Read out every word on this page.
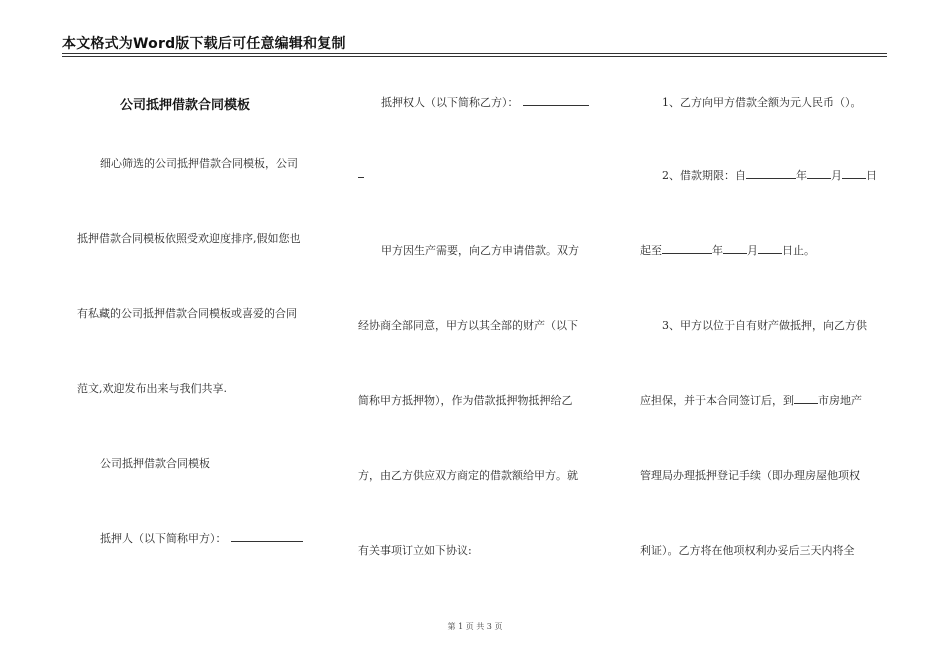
本文格式为Word版下载后可任意编辑和复制
公司抵押借款合同模板
细心筛选的公司抵押借款合同模板，公司
抵押借款合同模板依照受欢迎度排序,假如您也
有私藏的公司抵押借款合同模板或喜爱的合同
范文,欢迎发布出来与我们共享.
公司抵押借款合同模板
抵押人（以下简称甲方）：
抵押权人（以下简称乙方）：
甲方因生产需要，向乙方申请借款。双方
经协商全部同意，甲方以其全部的财产（以下
简称甲方抵押物），作为借款抵押物抵押给乙
方，由乙方供应双方商定的借款额给甲方。就
有关事项订立如下协议:
1、乙方向甲方借款全额为元人民币（）。
2、借款期限：自	年 月 日
起至	年 月 日止。
3、甲方以位于自有财产做抵押，向乙方供
应担保，并于本合同签订后，到 市房地产
管理局办理抵押登记手续（即办理房屋他项权
利证）。乙方将在他项权利办妥后三天内将全
第 1 页 共 3 页
